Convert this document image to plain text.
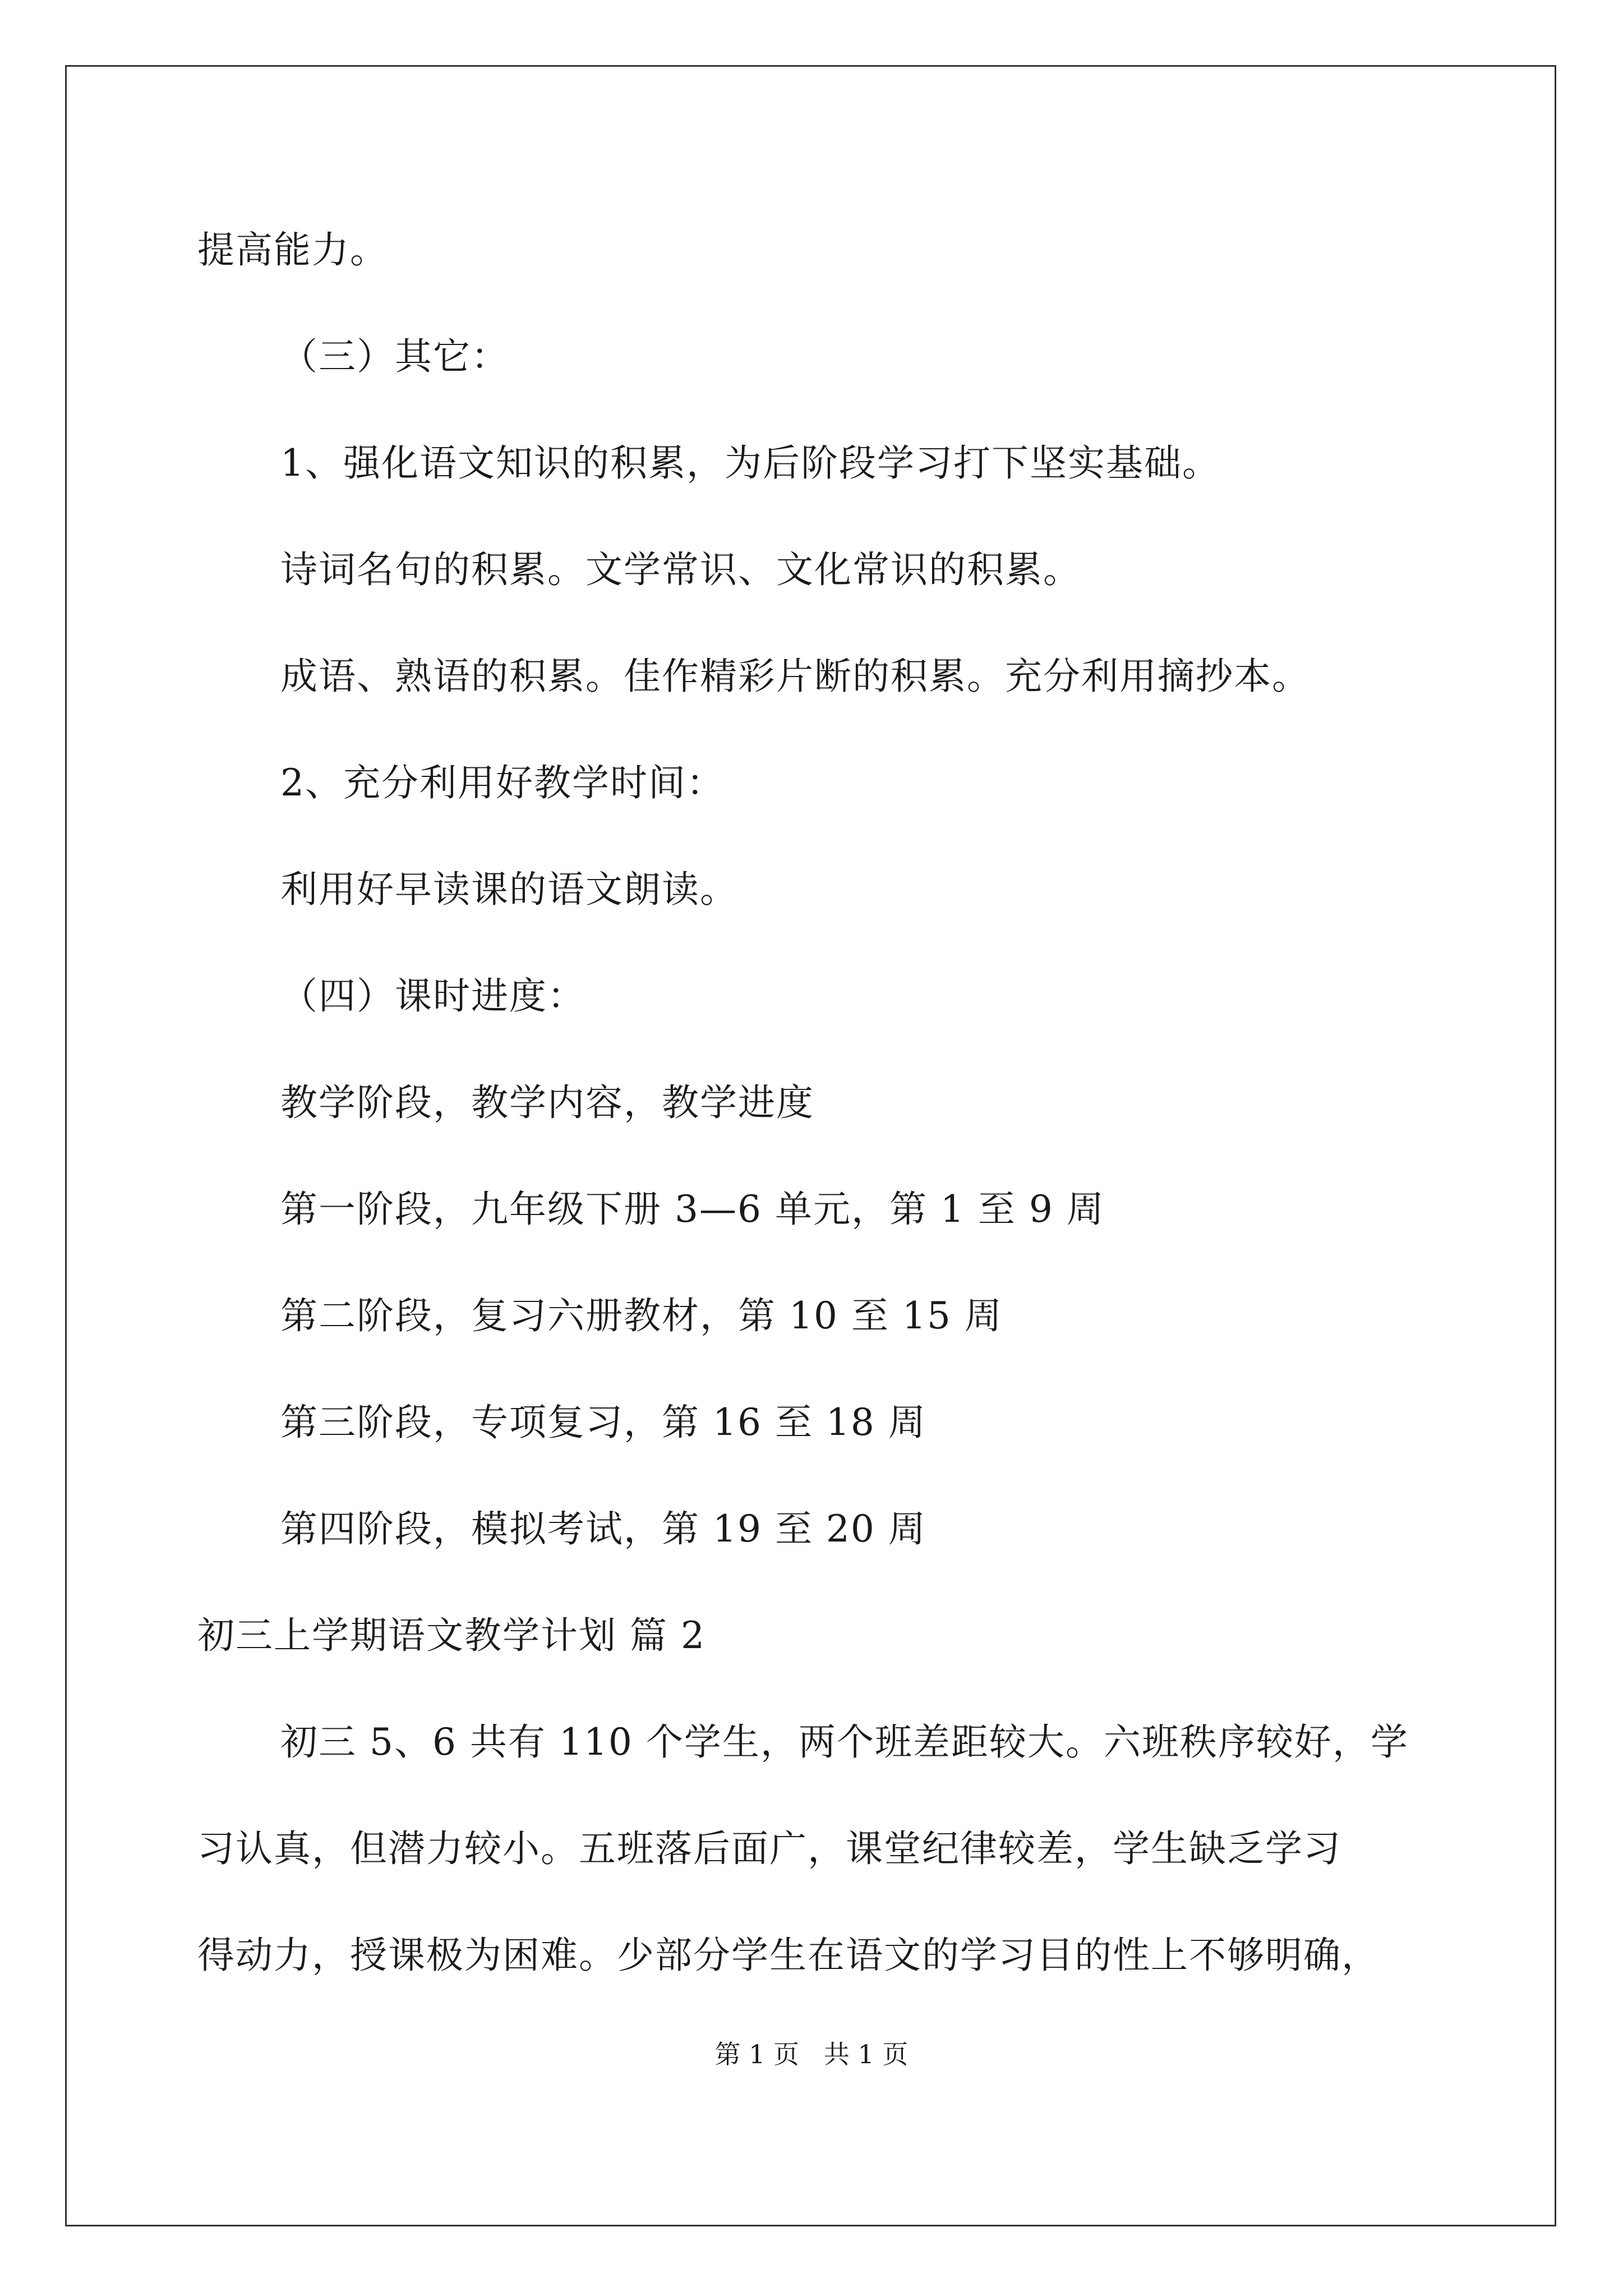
提高能力。
（三）其它：
1、强化语文知识的积累，为后阶段学习打下坚实基础。
诗词名句的积累。文学常识、文化常识的积累。
成语、熟语的积累。佳作精彩片断的积累。充分利用摘抄本。
2、充分利用好教学时间：
利用好早读课的语文朗读。
（四）课时进度：
教学阶段，教学内容，教学进度
第一阶段，九年级下册 3—6 单元，第 1 至 9 周
第二阶段，复习六册教材，第 10 至 15 周
第三阶段，专项复习，第 16 至 18 周
第四阶段，模拟考试，第 19 至 20 周
初三上学期语文教学计划 篇 2
初三 5、6 共有 110 个学生，两个班差距较大。六班秩序较好，学
习认真，但潜力较小。五班落后面广，课堂纪律较差，学生缺乏学习
得动力，授课极为困难。少部分学生在语文的学习目的性上不够明确，
第 1 页   共 1 页
